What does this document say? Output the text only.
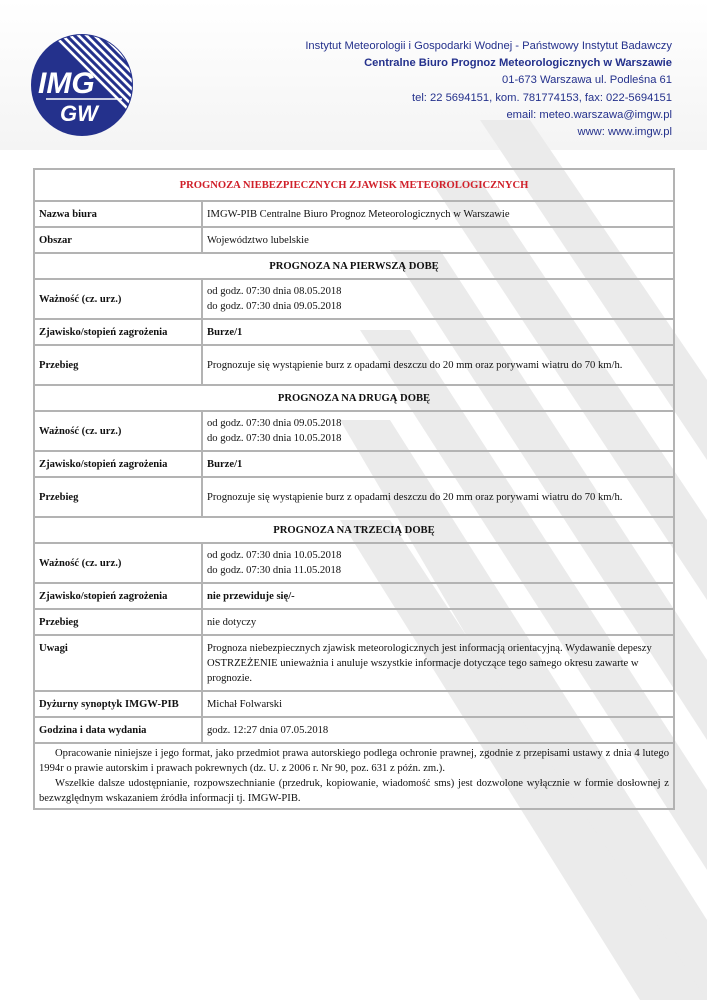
IMG
GW
Instytut Meteorologii i Gospodarki Wodnej - Państwowy Instytut Badawczy
Centralne Biuro Prognoz Meteorologicznych w Warszawie
01-673 Warszawa ul. Podleśna 61
tel: 22 5694151, kom. 781774153, fax: 022-5694151
email: meteo.warszawa@imgw.pl
www: www.imgw.pl
PROGNOZA NIEBEZPIECZNYCH ZJAWISK METEOROLOGICZNYCH	
Nazwa biura	IMGW-PIB Centralne Biuro Prognoz Meteorologicznych w Warszawie
Obszar	Województwo lubelskie
PROGNOZA NA PIERWSZĄ DOBĘ	
Ważność (cz. urz.)	od godz. 07:30 dnia 08.05.2018
do godz. 07:30 dnia 09.05.2018

Zjawisko/stopień zagrożenia	Burze/1
Przebieg	Prognozuje się wystąpienie burz z opadami deszczu do 20 mm oraz porywami wiatru do 70 km/h.
PROGNOZA NA DRUGĄ DOBĘ	
Ważność (cz. urz.)	od godz. 07:30 dnia 09.05.2018
do godz. 07:30 dnia 10.05.2018

Zjawisko/stopień zagrożenia	Burze/1
Przebieg	Prognozuje się wystąpienie burz z opadami deszczu do 20 mm oraz porywami wiatru do 70 km/h.
PROGNOZA NA TRZECIĄ DOBĘ	
Ważność (cz. urz.)	od godz. 07:30 dnia 10.05.2018
do godz. 07:30 dnia 11.05.2018

Zjawisko/stopień zagrożenia	nie przewiduje się/-
Przebieg	nie dotyczy
Uwagi	Prognoza niebezpiecznych zjawisk meteorologicznych jest informacją orientacyjną. Wydawanie depeszy OSTRZEŻENIE unieważnia i anuluje wszystkie informacje dotyczące tego samego okresu zawarte w prognozie.
Dyżurny synoptyk IMGW-PIB	Michał Folwarski
Godzina i data wydania	godz. 12:27 dnia 07.05.2018

Opracowanie niniejsze i jego format, jako przedmiot prawa autorskiego podlega ochronie prawnej, zgodnie z przepisami ustawy z dnia 4 lutego 1994r o prawie autorskim i prawach pokrewnych (dz. U. z 2006 r. Nr 90, poz. 631 z późn. zm.).

Wszelkie dalsze udostępnianie, rozpowszechnianie (przedruk, kopiowanie, wiadomość sms) jest dozwolone wyłącznie w formie dosłownej z bezwzględnym wskazaniem źródła informacji tj. IMGW-PIB.	
